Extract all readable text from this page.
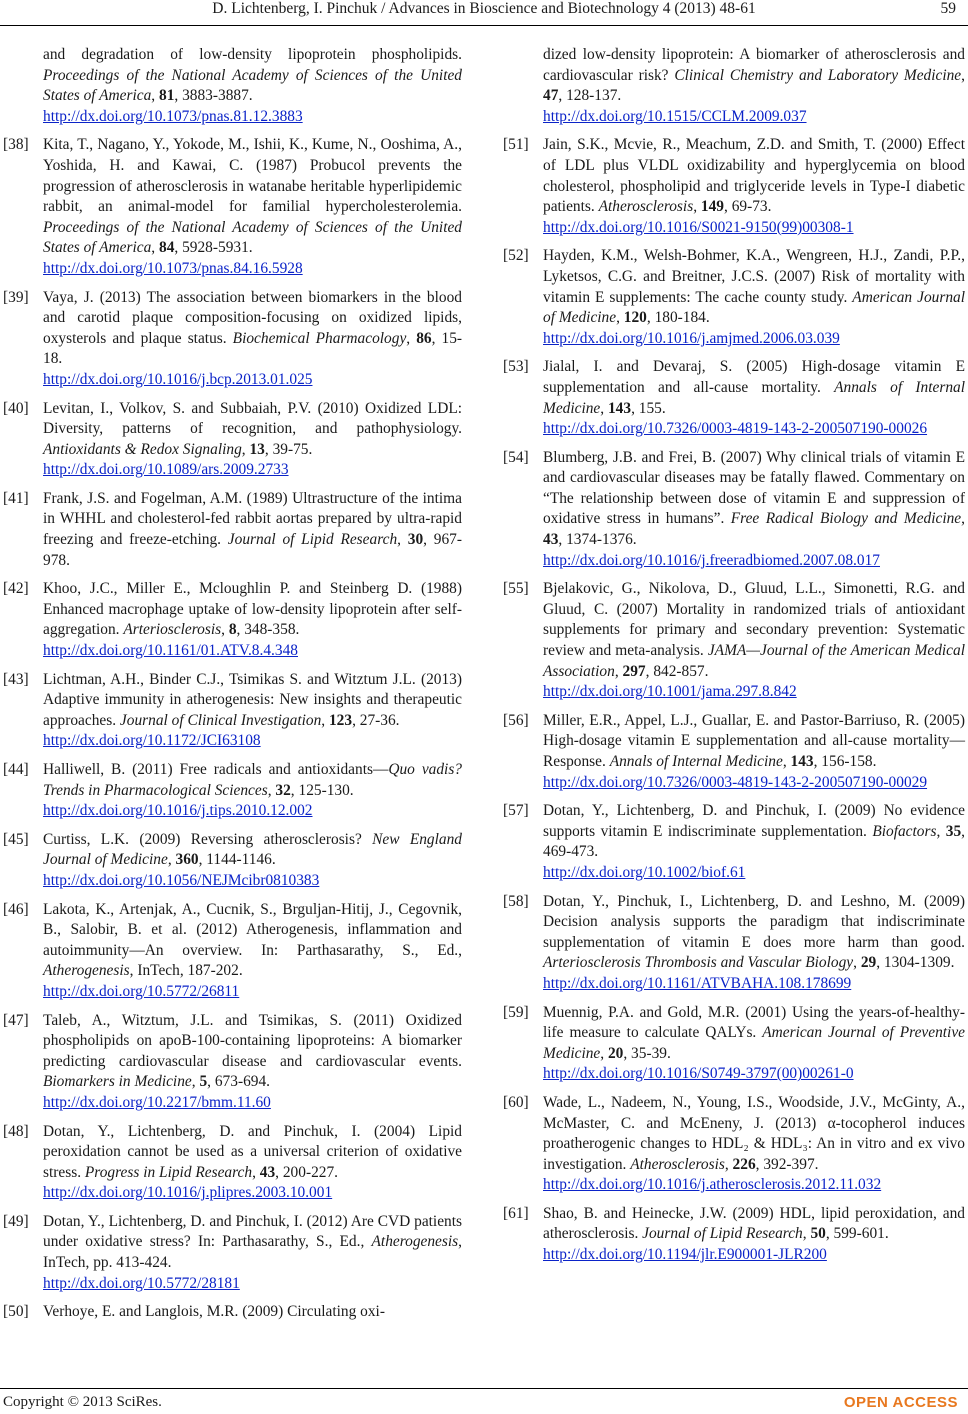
D. Lichtenberg, I. Pinchuk / Advances in Bioscience and Biotechnology 4 (2013) 48-61	59
and degradation of low-density lipoprotein phospholipids. Proceedings of the National Academy of Sciences of the United States of America, 81, 3883-3887.
http://dx.doi.org/10.1073/pnas.81.12.3883
[38] Kita, T., Nagano, Y., Yokode, M., Ishii, K., Kume, N., Ooshima, A., Yoshida, H. and Kawai, C. (1987) Probucol prevents the progression of atherosclerosis in watanabe heritable hyperlipidemic rabbit, an animal-model for familial hypercholesterolemia. Proceedings of the National Academy of Sciences of the United States of America, 84, 5928-5931.
http://dx.doi.org/10.1073/pnas.84.16.5928
[39] Vaya, J. (2013) The association between biomarkers in the blood and carotid plaque composition-focusing on oxidized lipids, oxysterols and plaque status. Biochemical Pharmacology, 86, 15-18.
http://dx.doi.org/10.1016/j.bcp.2013.01.025
[40] Levitan, I., Volkov, S. and Subbaiah, P.V. (2010) Oxidized LDL: Diversity, patterns of recognition, and pathophysiology. Antioxidants & Redox Signaling, 13, 39-75.
http://dx.doi.org/10.1089/ars.2009.2733
[41] Frank, J.S. and Fogelman, A.M. (1989) Ultrastructure of the intima in WHHL and cholesterol-fed rabbit aortas prepared by ultra-rapid freezing and freeze-etching. Journal of Lipid Research, 30, 967-978.
[42] Khoo, J.C., Miller E., Mcloughlin P. and Steinberg D. (1988) Enhanced macrophage uptake of low-density lipoprotein after self-aggregation. Arteriosclerosis, 8, 348-358.
http://dx.doi.org/10.1161/01.ATV.8.4.348
[43] Lichtman, A.H., Binder C.J., Tsimikas S. and Witztum J.L. (2013) Adaptive immunity in atherogenesis: New insights and therapeutic approaches. Journal of Clinical Investigation, 123, 27-36.
http://dx.doi.org/10.1172/JCI63108
[44] Halliwell, B. (2011) Free radicals and antioxidants—Quo vadis? Trends in Pharmacological Sciences, 32, 125-130.
http://dx.doi.org/10.1016/j.tips.2010.12.002
[45] Curtiss, L.K. (2009) Reversing atherosclerosis? New England Journal of Medicine, 360, 1144-1146.
http://dx.doi.org/10.1056/NEJMcibr0810383
[46] Lakota, K., Artenjak, A., Cucnik, S., Brguljan-Hitij, J., Cegovnik, B., Salobir, B. et al. (2012) Atherogenesis, inflammation and autoimmunity—An overview. In: Parthasarathy, S., Ed., Atherogenesis, InTech, 187-202.
http://dx.doi.org/10.5772/26811
[47] Taleb, A., Witztum, J.L. and Tsimikas, S. (2011) Oxidized phospholipids on apoB-100-containing lipoproteins: A biomarker predicting cardiovascular disease and cardiovascular events. Biomarkers in Medicine, 5, 673-694.
http://dx.doi.org/10.2217/bmm.11.60
[48] Dotan, Y., Lichtenberg, D. and Pinchuk, I. (2004) Lipid peroxidation cannot be used as a universal criterion of oxidative stress. Progress in Lipid Research, 43, 200-227.
http://dx.doi.org/10.1016/j.plipres.2003.10.001
[49] Dotan, Y., Lichtenberg, D. and Pinchuk, I. (2012) Are CVD patients under oxidative stress? In: Parthasarathy, S., Ed., Atherogenesis, InTech, pp. 413-424.
http://dx.doi.org/10.5772/28181
[50] Verhoye, E. and Langlois, M.R. (2009) Circulating oxi-
dized low-density lipoprotein: A biomarker of atherosclerosis and cardiovascular risk? Clinical Chemistry and Laboratory Medicine, 47, 128-137.
http://dx.doi.org/10.1515/CCLM.2009.037
[51] Jain, S.K., Mcvie, R., Meachum, Z.D. and Smith, T. (2000) Effect of LDL plus VLDL oxidizability and hyperglycemia on blood cholesterol, phospholipid and triglyceride levels in Type-I diabetic patients. Atherosclerosis, 149, 69-73.
http://dx.doi.org/10.1016/S0021-9150(99)00308-1
[52] Hayden, K.M., Welsh-Bohmer, K.A., Wengreen, H.J., Zandi, P.P., Lyketsos, C.G. and Breitner, J.C.S. (2007) Risk of mortality with vitamin E supplements: The cache county study. American Journal of Medicine, 120, 180-184.
http://dx.doi.org/10.1016/j.amjmed.2006.03.039
[53] Jialal, I. and Devaraj, S. (2005) High-dosage vitamin E supplementation and all-cause mortality. Annals of Internal Medicine, 143, 155.
http://dx.doi.org/10.7326/0003-4819-143-2-200507190-00026
[54] Blumberg, J.B. and Frei, B. (2007) Why clinical trials of vitamin E and cardiovascular diseases may be fatally flawed. Commentary on “The relationship between dose of vitamin E and suppression of oxidative stress in humans”. Free Radical Biology and Medicine, 43, 1374-1376.
http://dx.doi.org/10.1016/j.freeradbiomed.2007.08.017
[55] Bjelakovic, G., Nikolova, D., Gluud, L.L., Simonetti, R.G. and Gluud, C. (2007) Mortality in randomized trials of antioxidant supplements for primary and secondary prevention: Systematic review and meta-analysis. JAMA—Journal of the American Medical Association, 297, 842-857.
http://dx.doi.org/10.1001/jama.297.8.842
[56] Miller, E.R., Appel, L.J., Guallar, E. and Pastor-Barriuso, R. (2005) High-dosage vitamin E supplementation and all-cause mortality—Response. Annals of Internal Medicine, 143, 156-158.
http://dx.doi.org/10.7326/0003-4819-143-2-200507190-00029
[57] Dotan, Y., Lichtenberg, D. and Pinchuk, I. (2009) No evidence supports vitamin E indiscriminate supplementation. Biofactors, 35, 469-473.
http://dx.doi.org/10.1002/biof.61
[58] Dotan, Y., Pinchuk, I., Lichtenberg, D. and Leshno, M. (2009) Decision analysis supports the paradigm that indiscriminate supplementation of vitamin E does more harm than good. Arteriosclerosis Thrombosis and Vascular Biology, 29, 1304-1309.
http://dx.doi.org/10.1161/ATVBAHA.108.178699
[59] Muennig, P.A. and Gold, M.R. (2001) Using the years-of-healthy-life measure to calculate QALYs. American Journal of Preventive Medicine, 20, 35-39.
http://dx.doi.org/10.1016/S0749-3797(00)00261-0
[60] Wade, L., Nadeem, N., Young, I.S., Woodside, J.V., McGinty, A., McMaster, C. and McEneny, J. (2013) α-tocopherol induces proatherogenic changes to HDL₂ & HDL₃: An in vitro and ex vivo investigation. Atherosclerosis, 226, 392-397.
http://dx.doi.org/10.1016/j.atherosclerosis.2012.11.032
[61] Shao, B. and Heinecke, J.W. (2009) HDL, lipid peroxidation, and atherosclerosis. Journal of Lipid Research, 50, 599-601.
http://dx.doi.org/10.1194/jlr.E900001-JLR200
Copyright © 2013 SciRes.	OPEN ACCESS
